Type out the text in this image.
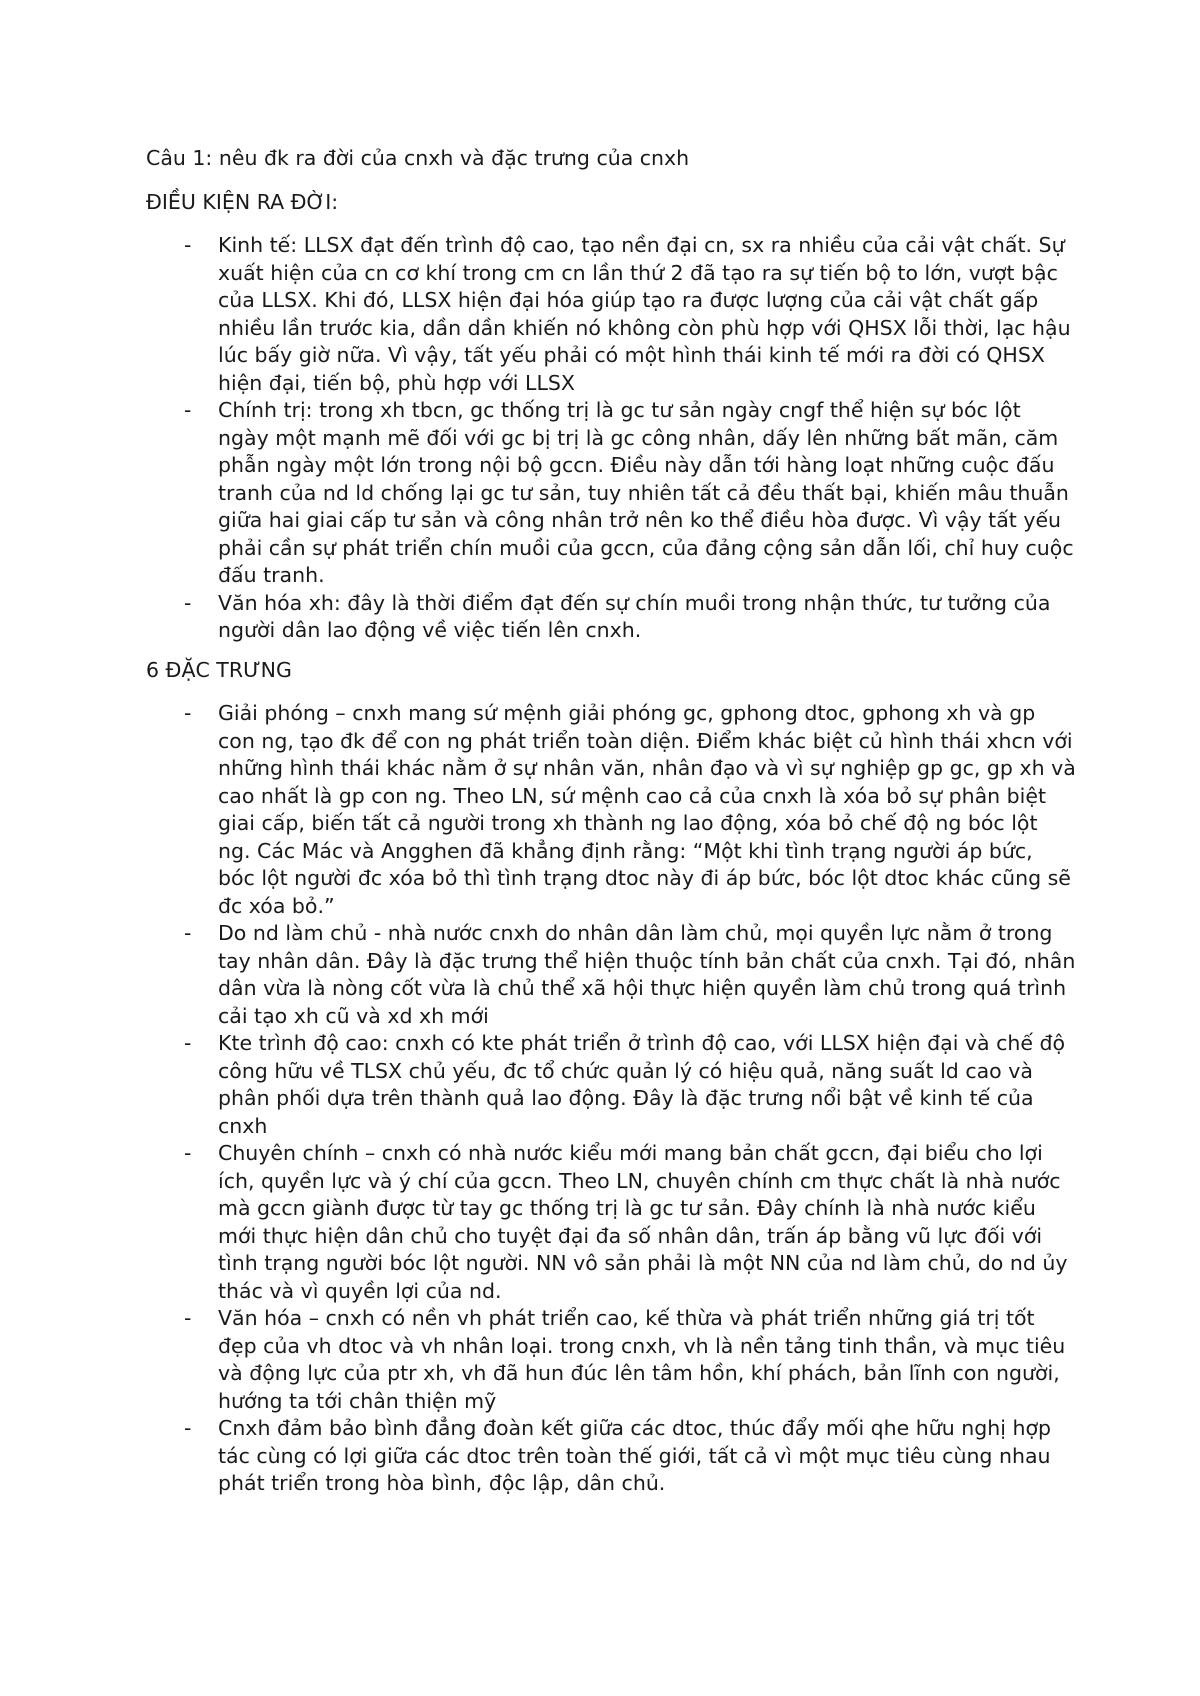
Câu 1: nêu đk ra đời của cnxh và đặc trưng của cnxh

ĐIỀU KIỆN RA ĐỜI:

- Kinh tế: LLSX đạt đến trình độ cao, tạo nền đại cn, sx ra nhiều của cải vật chất. Sự xuất hiện của cn cơ khí trong cm cn lần thứ 2 đã tạo ra sự tiến bộ to lớn, vượt bậc của LLSX. Khi đó, LLSX hiện đại hóa giúp tạo ra được lượng của cải vật chất gấp nhiều lần trước kia, dần dần khiến nó không còn phù hợp với QHSX lỗi thời, lạc hậu lúc bấy giờ nữa. Vì vậy, tất yếu phải có một hình thái kinh tế mới ra đời có QHSX hiện đại, tiến bộ, phù hợp với LLSX
- Chính trị: trong xh tbcn, gc thống trị là gc tư sản ngày cngf thể hiện sự bóc lột ngày một mạnh mẽ đối với gc bị trị là gc công nhân, dấy lên những bất mãn, căm phẫn ngày một lớn trong nội bộ gccn. Điều này dẫn tới hàng loạt những cuộc đấu tranh của nd ld chống lại gc tư sản, tuy nhiên tất cả đều thất bại, khiến mâu thuẫn giữa hai giai cấp tư sản và công nhân trở nên ko thể điều hòa được. Vì vậy tất yếu phải cần sự phát triển chín muồi của gccn, của đảng cộng sản dẫn lối, chỉ huy cuộc đấu tranh.
- Văn hóa xh: đây là thời điểm đạt đến sự chín muồi trong nhận thức, tư tưởng của người dân lao động về việc tiến lên cnxh.

6 ĐẶC TRƯNG

- Giải phóng – cnxh mang sứ mệnh giải phóng gc, gphong dtoc, gphong xh và gp con ng, tạo đk để con ng phát triển toàn diện. Điểm khác biệt củ hình thái xhcn với những hình thái khác nằm ở sự nhân văn, nhân đạo và vì sự nghiệp gp gc, gp xh và cao nhất là gp con ng. Theo LN, sứ mệnh cao cả của cnxh là xóa bỏ sự phân biệt giai cấp, biến tất cả người trong xh thành ng lao động, xóa bỏ chế độ ng bóc lột ng. Các Mác và Angghen đã khẳng định rằng: “Một khi tình trạng người áp bức, bóc lột người đc xóa bỏ thì tình trạng dtoc này đi áp bức, bóc lột dtoc khác cũng sẽ đc xóa bỏ.”
- Do nd làm chủ - nhà nước cnxh do nhân dân làm chủ, mọi quyền lực nằm ở trong tay nhân dân. Đây là đặc trưng thể hiện thuộc tính bản chất của cnxh. Tại đó, nhân dân vừa là nòng cốt vừa là chủ thể xã hội thực hiện quyền làm chủ trong quá trình cải tạo xh cũ và xd xh mới
- Kte trình độ cao: cnxh có kte phát triển ở trình độ cao, với LLSX hiện đại và chế độ công hữu về TLSX chủ yếu, đc tổ chức quản lý có hiệu quả, năng suất ld cao và phân phối dựa trên thành quả lao động. Đây là đặc trưng nổi bật về kinh tế của cnxh
- Chuyên chính – cnxh có nhà nước kiểu mới mang bản chất gccn, đại biểu cho lợi ích, quyền lực và ý chí của gccn. Theo LN, chuyên chính cm thực chất là nhà nước mà gccn giành được từ tay gc thống trị là gc tư sản. Đây chính là nhà nước kiểu mới thực hiện dân chủ cho tuyệt đại đa số nhân dân, trấn áp bằng vũ lực đối với tình trạng người bóc lột người. NN vô sản phải là một NN của nd làm chủ, do nd ủy thác và vì quyền lợi của nd.
- Văn hóa – cnxh có nền vh phát triển cao, kế thừa và phát triển những giá trị tốt đẹp của vh dtoc và vh nhân loại. trong cnxh, vh là nền tảng tinh thần, và mục tiêu và động lực của ptr xh, vh đã hun đúc lên tâm hồn, khí phách, bản lĩnh con người, hướng ta tới chân thiện mỹ
- Cnxh đảm bảo bình đẳng đoàn kết giữa các dtoc, thúc đẩy mối qhe hữu nghị hợp tác cùng có lợi giữa các dtoc trên toàn thế giới, tất cả vì một mục tiêu cùng nhau phát triển trong hòa bình, độc lập, dân chủ.
